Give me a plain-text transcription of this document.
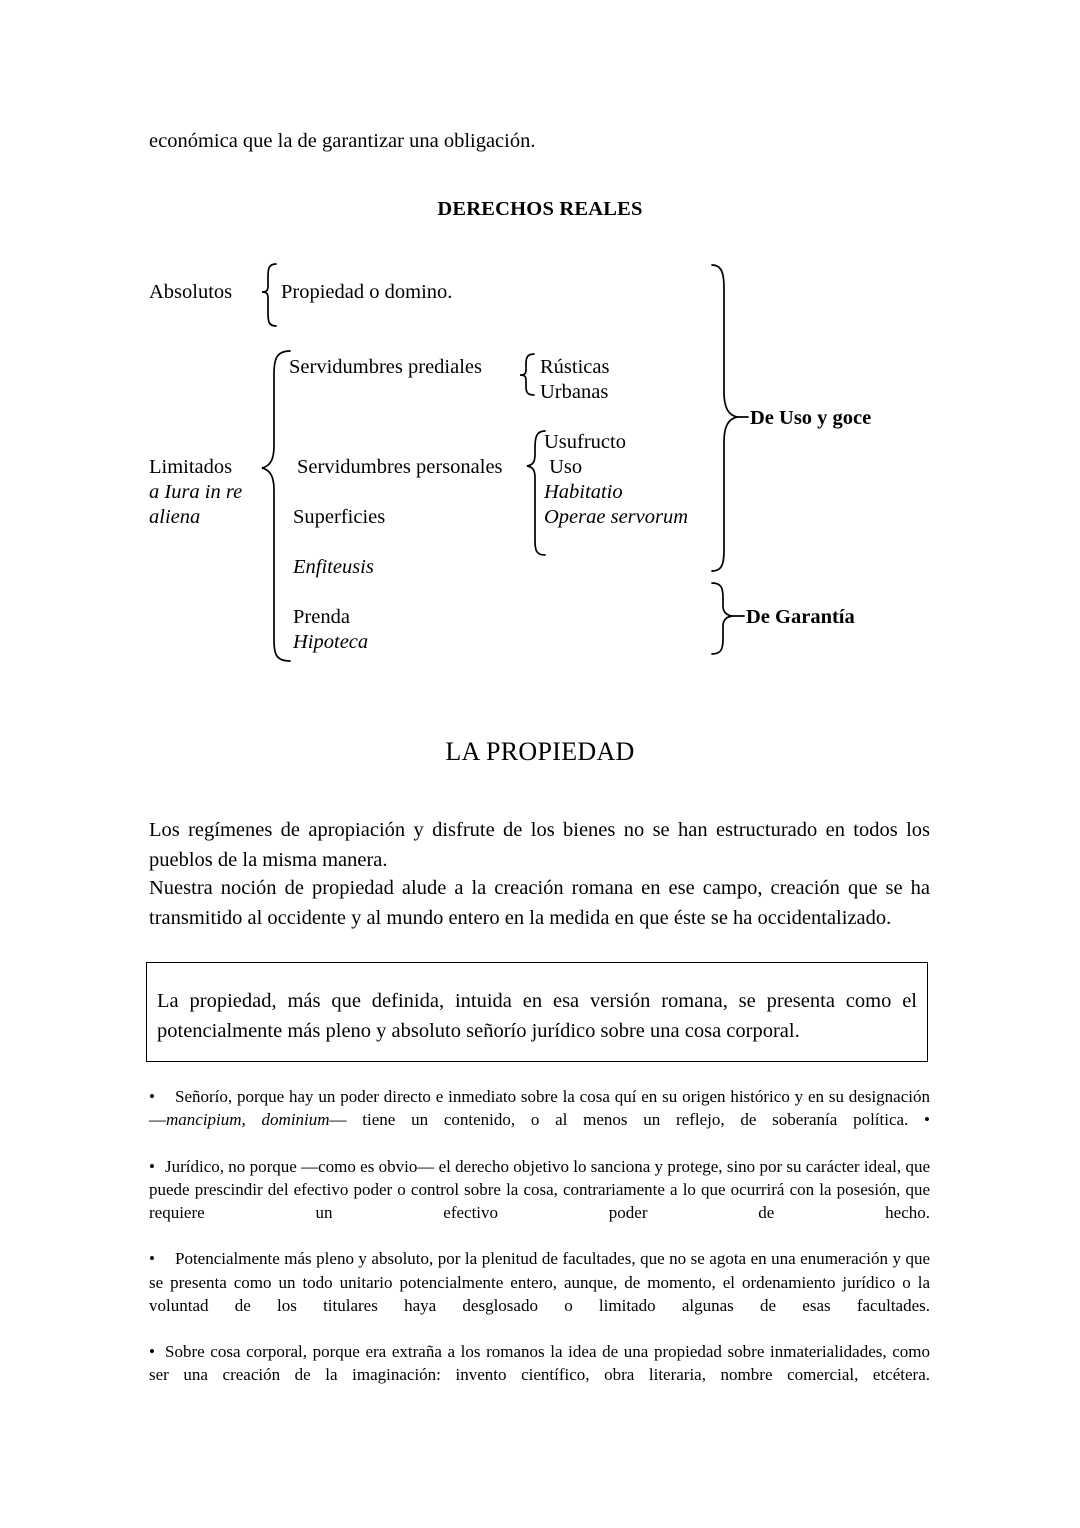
económica que la de garantizar una obligación.
DERECHOS REALES
Absolutos Propiedad o domino.
Limitados
a Iura in re
aliena
Servidumbres prediales	Rústicas
Urbanas
Servidumbres personales
Usufructo
Uso
Habitatio
Operae servorum
Superficies
Enfiteusis
Prenda
Hipoteca
De Uso y goce
De Garantía
LA PROPIEDAD
Los regímenes de apropiación y disfrute de los bienes no se han estructurado en todos los pueblos de la misma manera.
Nuestra noción de propiedad alude a la creación romana en ese campo, creación que se ha transmitido al occidente y al mundo entero en la medida en que éste se ha occidentalizado.
La propiedad, más que definida, intuida en esa versión romana, se presenta como el potencialmente más pleno y absoluto señorío jurídico sobre una cosa corporal.

• Señorío, porque hay un poder directo e inmediato sobre la cosa quí en su origen histórico y en su designación —mancipium, dominium— tiene un contenido, o al menos un reflejo, de soberanía política. •

• Jurídico, no porque —como es obvio— el derecho objetivo lo sanciona y protege, sino por su carácter ideal, que puede prescindir del efectivo poder o control sobre la cosa, contrariamente a lo que ocurrirá con la posesión, que requiere un efectivo poder de hecho.

• Potencialmente más pleno y absoluto, por la plenitud de facultades, que no se agota en una enumeración y que se presenta como un todo unitario potencialmente entero, aunque, de momento, el ordenamiento jurídico o la voluntad de los titulares haya desglosado o limitado algunas de esas facultades.

• Sobre cosa corporal, porque era extraña a los romanos la idea de una propiedad sobre inmaterialidades, como ser una creación de la imaginación: invento científico, obra literaria, nombre comercial, etcétera.
